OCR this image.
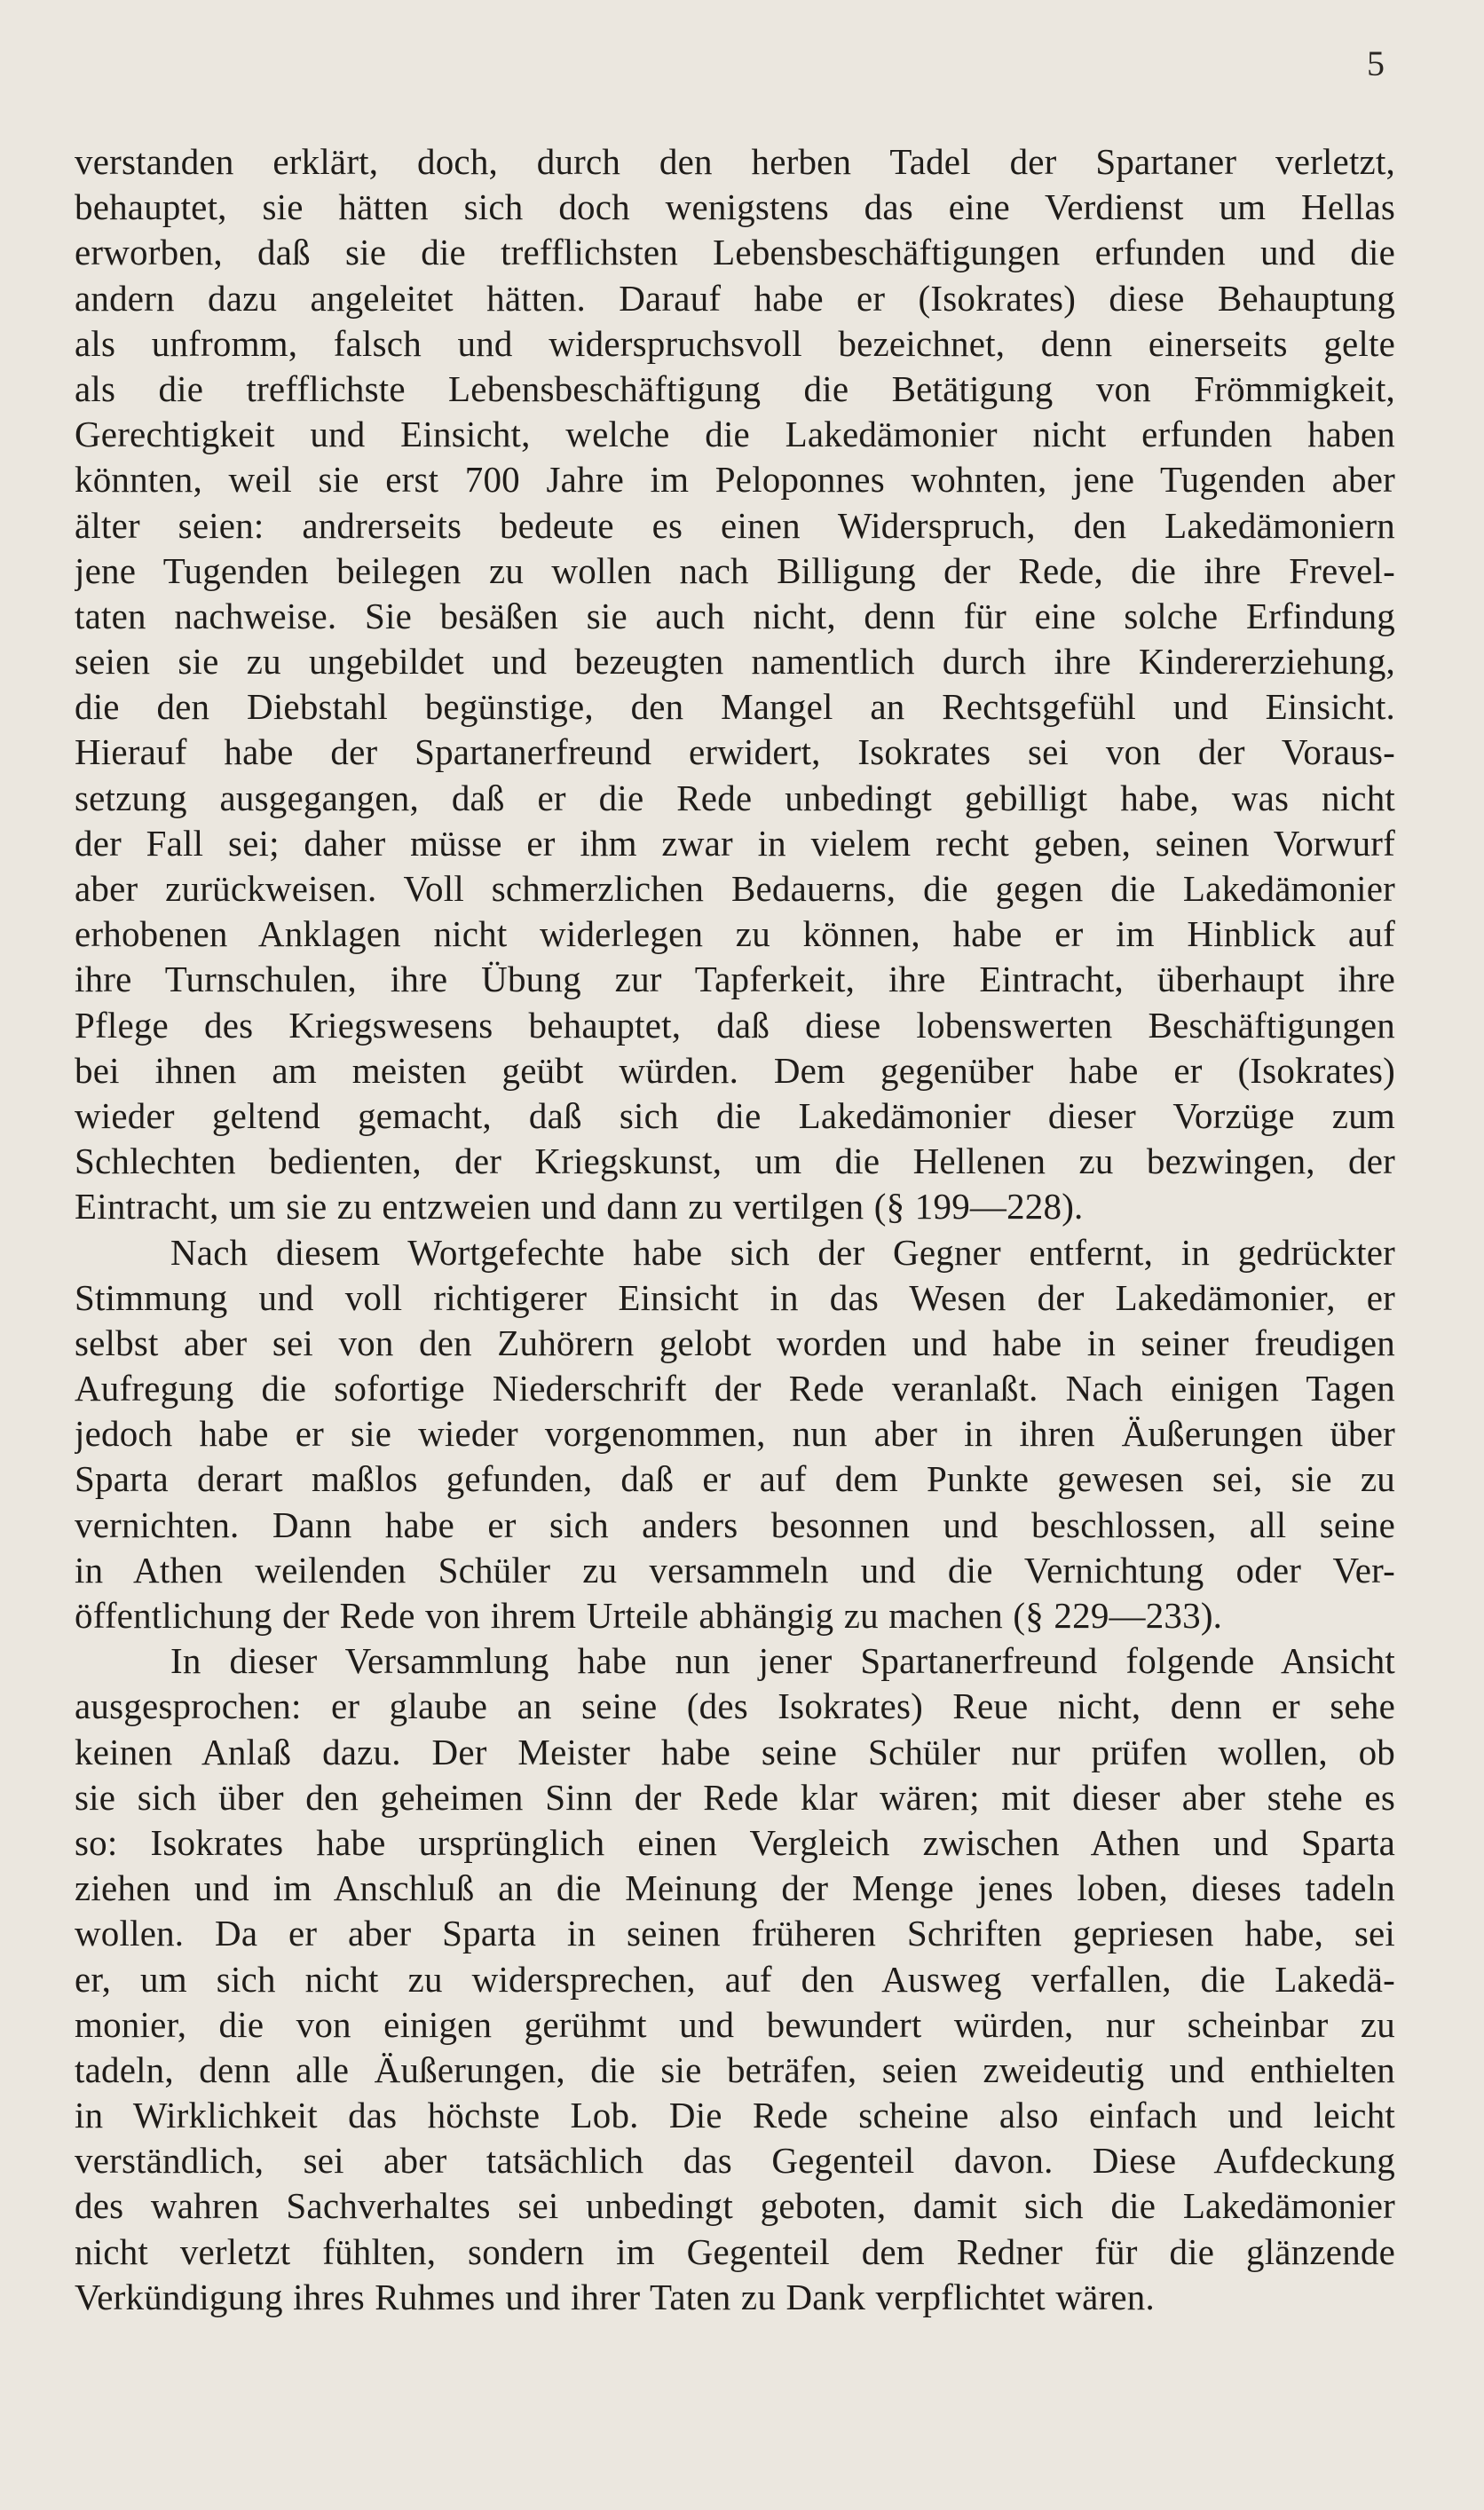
5
verstanden erklärt, doch, durch den herben Tadel der Spartaner verletzt,
behauptet, sie hätten sich doch wenigstens das eine Verdienst um Hellas
erworben, daß sie die trefflichsten Lebensbeschäftigungen erfunden und die
andern dazu angeleitet hätten. Darauf habe er (Isokrates) diese Behauptung
als unfromm, falsch und widerspruchsvoll bezeichnet, denn einerseits gelte
als die trefflichste Lebensbeschäftigung die Betätigung von Frömmigkeit,
Gerechtigkeit und Einsicht, welche die Lakedämonier nicht erfunden haben
könnten, weil sie erst 700 Jahre im Peloponnes wohnten, jene Tugenden aber
älter seien: andrerseits bedeute es einen Widerspruch, den Lakedämoniern
jene Tugenden beilegen zu wollen nach Billigung der Rede, die ihre Frevel-
taten nachweise. Sie besäßen sie auch nicht, denn für eine solche Erfindung
seien sie zu ungebildet und bezeugten namentlich durch ihre Kindererziehung,
die den Diebstahl begünstige, den Mangel an Rechtsgefühl und Einsicht.
Hierauf habe der Spartanerfreund erwidert, Isokrates sei von der Voraus-
setzung ausgegangen, daß er die Rede unbedingt gebilligt habe, was nicht
der Fall sei; daher müsse er ihm zwar in vielem recht geben, seinen Vorwurf
aber zurückweisen. Voll schmerzlichen Bedauerns, die gegen die Lakedämonier
erhobenen Anklagen nicht widerlegen zu können, habe er im Hinblick auf
ihre Turnschulen, ihre Übung zur Tapferkeit, ihre Eintracht, überhaupt ihre
Pflege des Kriegswesens behauptet, daß diese lobenswerten Beschäftigungen
bei ihnen am meisten geübt würden. Dem gegenüber habe er (Isokrates)
wieder geltend gemacht, daß sich die Lakedämonier dieser Vorzüge zum
Schlechten bedienten, der Kriegskunst, um die Hellenen zu bezwingen, der
Eintracht, um sie zu entzweien und dann zu vertilgen (§ 199—228).
Nach diesem Wortgefechte habe sich der Gegner entfernt, in gedrückter
Stimmung und voll richtigerer Einsicht in das Wesen der Lakedämonier, er
selbst aber sei von den Zuhörern gelobt worden und habe in seiner freudigen
Aufregung die sofortige Niederschrift der Rede veranlaßt. Nach einigen Tagen
jedoch habe er sie wieder vorgenommen, nun aber in ihren Äußerungen über
Sparta derart maßlos gefunden, daß er auf dem Punkte gewesen sei, sie zu
vernichten. Dann habe er sich anders besonnen und beschlossen, all seine
in Athen weilenden Schüler zu versammeln und die Vernichtung oder Ver-
öffentlichung der Rede von ihrem Urteile abhängig zu machen (§ 229—233).
In dieser Versammlung habe nun jener Spartanerfreund folgende Ansicht
ausgesprochen: er glaube an seine (des Isokrates) Reue nicht, denn er sehe
keinen Anlaß dazu. Der Meister habe seine Schüler nur prüfen wollen, ob
sie sich über den geheimen Sinn der Rede klar wären; mit dieser aber stehe es
so: Isokrates habe ursprünglich einen Vergleich zwischen Athen und Sparta
ziehen und im Anschluß an die Meinung der Menge jenes loben, dieses tadeln
wollen. Da er aber Sparta in seinen früheren Schriften gepriesen habe, sei
er, um sich nicht zu widersprechen, auf den Ausweg verfallen, die Lakedä-
monier, die von einigen gerühmt und bewundert würden, nur scheinbar zu
tadeln, denn alle Äußerungen, die sie beträfen, seien zweideutig und enthielten
in Wirklichkeit das höchste Lob. Die Rede scheine also einfach und leicht
verständlich, sei aber tatsächlich das Gegenteil davon. Diese Aufdeckung
des wahren Sachverhaltes sei unbedingt geboten, damit sich die Lakedämonier
nicht verletzt fühlten, sondern im Gegenteil dem Redner für die glänzende
Verkündigung ihres Ruhmes und ihrer Taten zu Dank verpflichtet wären.
